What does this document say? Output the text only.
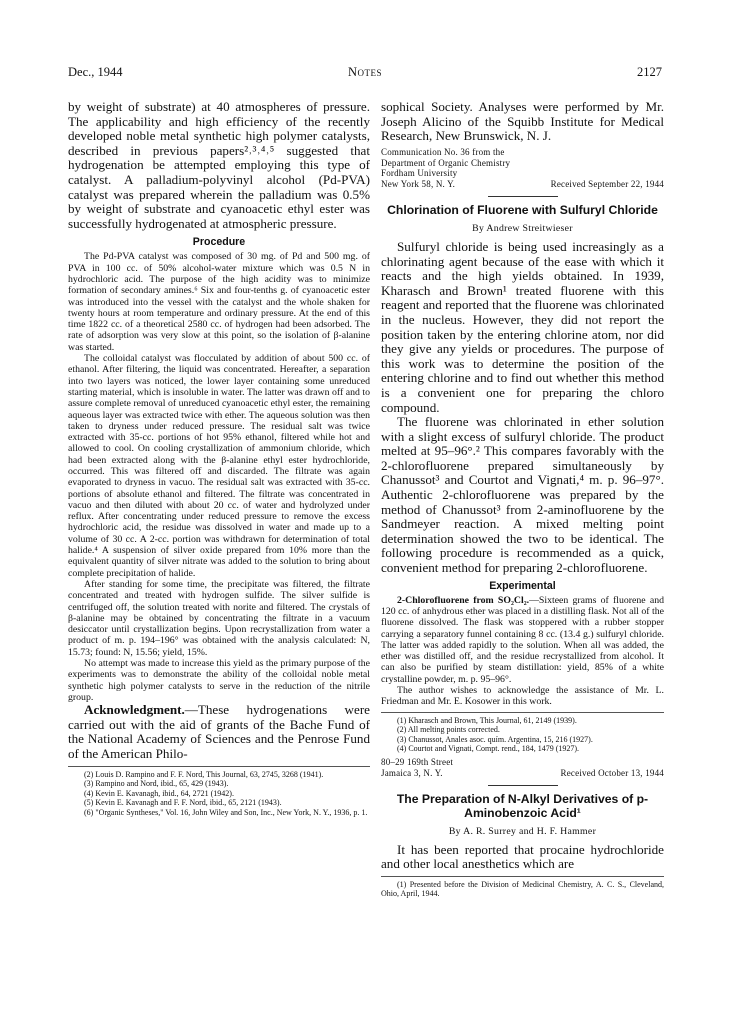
Dec., 1944	Notes	2127

by weight of substrate) at 40 atmospheres of pressure. The applicability and high efficiency of the recently developed noble metal synthetic high polymer catalysts, described in previous papers²˒³˒⁴˒⁵ suggested that hydrogenation be attempted employing this type of catalyst. A palladium-polyvinyl alcohol (Pd-PVA) catalyst was prepared wherein the palladium was 0.5% by weight of substrate and cyanoacetic ethyl ester was successfully hydrogenated at atmospheric pressure.

Procedure

The Pd-PVA catalyst was composed of 30 mg. of Pd and 500 mg. of PVA in 100 cc. of 50% alcohol-water mixture which was 0.5 N in hydrochloric acid. The purpose of the high acidity was to minimize formation of secondary amines.⁶ Six and four-tenths g. of cyanoacetic ester was introduced into the vessel with the catalyst and the whole shaken for twenty hours at room temperature and ordinary pressure. At the end of this time 1822 cc. of a theoretical 2580 cc. of hydrogen had been adsorbed. The rate of adsorption was very slow at this point, so the isolation of β-alanine was started.

The colloidal catalyst was flocculated by addition of about 500 cc. of ethanol. After filtering, the liquid was concentrated. Hereafter, a separation into two layers was noticed, the lower layer containing some unreduced starting material, which is insoluble in water. The latter was drawn off and to assure complete removal of unreduced cyanoacetic ethyl ester, the remaining aqueous layer was extracted twice with ether. The aqueous solution was then taken to dryness under reduced pressure. The residual salt was twice extracted with 35-cc. portions of hot 95% ethanol, filtered while hot and allowed to cool. On cooling crystallization of ammonium chloride, which had been extracted along with the β-alanine ethyl ester hydrochloride, occurred. This was filtered off and discarded. The filtrate was again evaporated to dryness in vacuo. The residual salt was extracted with 35-cc. portions of absolute ethanol and filtered. The filtrate was concentrated in vacuo and then diluted with about 20 cc. of water and hydrolyzed under reflux. After concentrating under reduced pressure to remove the excess hydrochloric acid, the residue was dissolved in water and made up to a volume of 30 cc. A 2-cc. portion was withdrawn for determination of total halide.⁴ A suspension of silver oxide prepared from 10% more than the equivalent quantity of silver nitrate was added to the solution to bring about complete precipitation of halide.

After standing for some time, the precipitate was filtered, the filtrate concentrated and treated with hydrogen sulfide. The silver sulfide is centrifuged off, the solution treated with norite and filtered. The crystals of β-alanine may be obtained by concentrating the filtrate in a vacuum desiccator until crystallization begins. Upon recrystallization from water a product of m. p. 194–196° was obtained with the analysis calculated: N, 15.73; found: N, 15.56; yield, 15%.

No attempt was made to increase this yield as the primary purpose of the experiments was to demonstrate the ability of the colloidal noble metal synthetic high polymer catalysts to serve in the reduction of the nitrile group.

Acknowledgment.—These hydrogenations were carried out with the aid of grants of the Bache Fund of the National Academy of Sciences and the Penrose Fund of the American Philo-

(2) Louis D. Rampino and F. F. Nord, This Journal, 63, 2745, 3268 (1941).

(3) Rampino and Nord, ibid., 65, 429 (1943).

(4) Kevin E. Kavanagh, ibid., 64, 2721 (1942).

(5) Kevin E. Kavanagh and F. F. Nord, ibid., 65, 2121 (1943).

(6) "Organic Syntheses," Vol. 16, John Wiley and Son, Inc., New York, N. Y., 1936, p. 1.

sophical Society. Analyses were performed by Mr. Joseph Alicino of the Squibb Institute for Medical Research, New Brunswick, N. J.

Communication No. 36 from the
Department of Organic Chemistry
Fordham University
New York 58, N. Y.	Received September 22, 1944
Chlorination of Fluorene with Sulfuryl Chloride
By Andrew Streitwieser

Sulfuryl chloride is being used increasingly as a chlorinating agent because of the ease with which it reacts and the high yields obtained. In 1939, Kharasch and Brown¹ treated fluorene with this reagent and reported that the fluorene was chlorinated in the nucleus. However, they did not report the position taken by the entering chlorine atom, nor did they give any yields or procedures. The purpose of this work was to determine the position of the entering chlorine and to find out whether this method is a convenient one for preparing the chloro compound.

The fluorene was chlorinated in ether solution with a slight excess of sulfuryl chloride. The product melted at 95–96°.² This compares favorably with the 2-chlorofluorene prepared simultaneously by Chanussot³ and Courtot and Vignati,⁴ m. p. 96–97°. Authentic 2-chlorofluorene was prepared by the method of Chanussot³ from 2-aminofluorene by the Sandmeyer reaction. A mixed melting point determination showed the two to be identical. The following procedure is recommended as a quick, convenient method for preparing 2-chlorofluorene.

Experimental

2-Chlorofluorene from SO₂Cl₂.—Sixteen grams of fluorene and 120 cc. of anhydrous ether was placed in a distilling flask. Not all of the fluorene dissolved. The flask was stoppered with a rubber stopper carrying a separatory funnel containing 8 cc. (13.4 g.) sulfuryl chloride. The latter was added rapidly to the solution. When all was added, the ether was distilled off, and the residue recrystallized from alcohol. It can also be purified by steam distillation: yield, 85% of a white crystalline powder, m. p. 95–96°.

The author wishes to acknowledge the assistance of Mr. L. Friedman and Mr. E. Kosower in this work.

(1) Kharasch and Brown, This Journal, 61, 2149 (1939).

(2) All melting points corrected.

(3) Chanussot, Anales asoc. quím. Argentina, 15, 216 (1927).

(4) Courtot and Vignati, Compt. rend., 184, 1479 (1927).

80–29 169th Street
Jamaica 3, N. Y.	Received October 13, 1944
The Preparation of N-Alkyl Derivatives of p-Aminobenzoic Acid¹
By A. R. Surrey and H. F. Hammer

It has been reported that procaine hydrochloride and other local anesthetics which are

(1) Presented before the Division of Medicinal Chemistry, A. C. S., Cleveland, Ohio, April, 1944.
